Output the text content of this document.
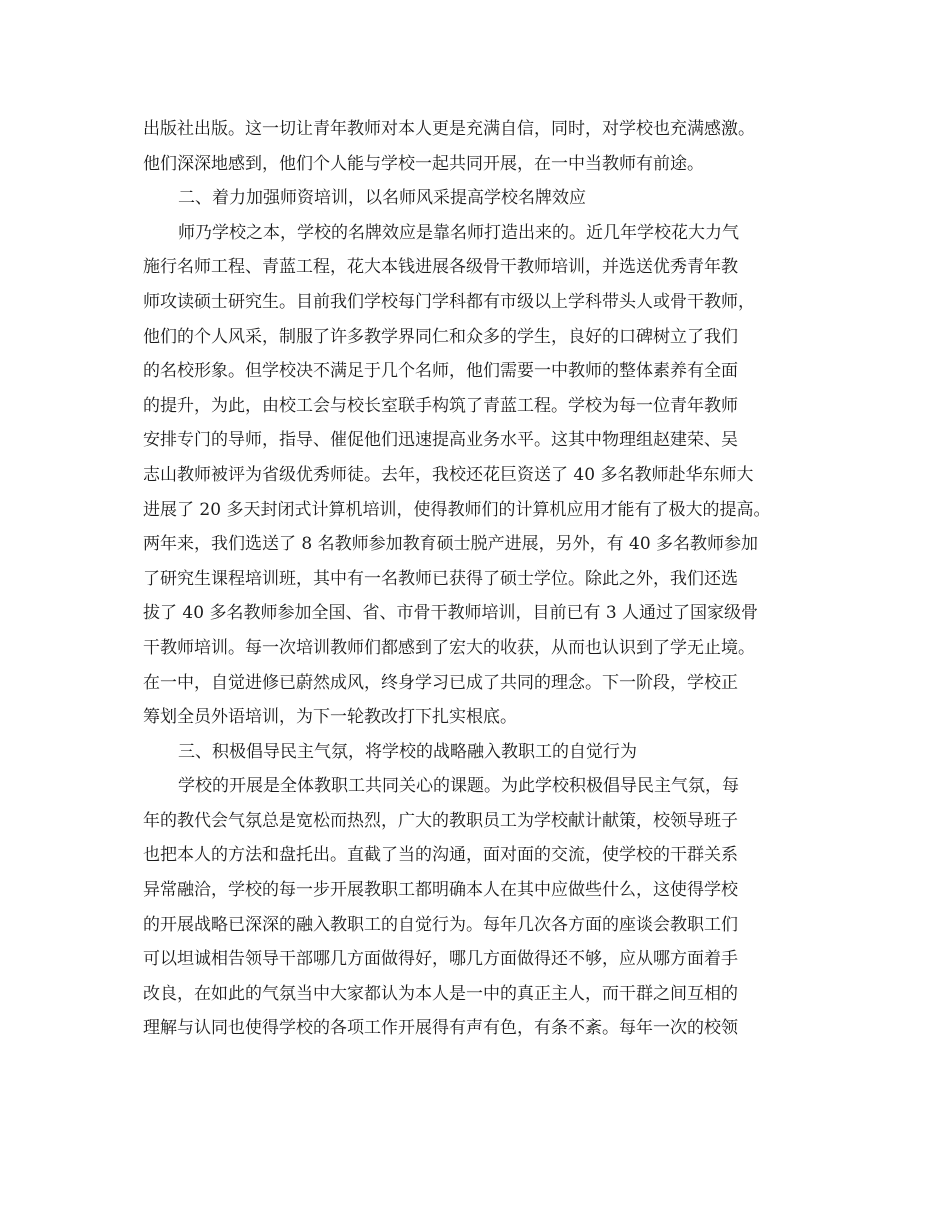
出版社出版。这一切让青年教师对本人更是充满自信，同时，对学校也充满感激。
他们深深地感到，他们个人能与学校一起共同开展，在一中当教师有前途。
二、着力加强师资培训，以名师风采提高学校名牌效应
师乃学校之本，学校的名牌效应是靠名师打造出来的。近几年学校花大力气
施行名师工程、青蓝工程，花大本钱进展各级骨干教师培训，并选送优秀青年教
师攻读硕士研究生。目前我们学校每门学科都有市级以上学科带头人或骨干教师，
他们的个人风采，制服了许多教学界同仁和众多的学生，良好的口碑树立了我们
的名校形象。但学校决不满足于几个名师，他们需要一中教师的整体素养有全面
的提升，为此，由校工会与校长室联手构筑了青蓝工程。学校为每一位青年教师
安排专门的导师，指导、催促他们迅速提高业务水平。这其中物理组赵建荣、吴
志山教师被评为省级优秀师徒。去年，我校还花巨资送了 40 多名教师赴华东师大
进展了 20 多天封闭式计算机培训，使得教师们的计算机应用才能有了极大的提高。
两年来，我们选送了 8 名教师参加教育硕士脱产进展，另外，有 40 多名教师参加
了研究生课程培训班，其中有一名教师已获得了硕士学位。除此之外，我们还选
拔了 40 多名教师参加全国、省、市骨干教师培训，目前已有 3 人通过了国家级骨
干教师培训。每一次培训教师们都感到了宏大的收获，从而也认识到了学无止境。
在一中，自觉进修已蔚然成风，终身学习已成了共同的理念。下一阶段，学校正
筹划全员外语培训，为下一轮教改打下扎实根底。
三、积极倡导民主气氛，将学校的战略融入教职工的自觉行为
学校的开展是全体教职工共同关心的课题。为此学校积极倡导民主气氛，每
年的教代会气氛总是宽松而热烈，广大的教职员工为学校献计献策，校领导班子
也把本人的方法和盘托出。直截了当的沟通，面对面的交流，使学校的干群关系
异常融洽，学校的每一步开展教职工都明确本人在其中应做些什么，这使得学校
的开展战略已深深的融入教职工的自觉行为。每年几次各方面的座谈会教职工们
可以坦诚相告领导干部哪几方面做得好，哪几方面做得还不够，应从哪方面着手
改良，在如此的气氛当中大家都认为本人是一中的真正主人，而干群之间互相的
理解与认同也使得学校的各项工作开展得有声有色，有条不紊。每年一次的校领
